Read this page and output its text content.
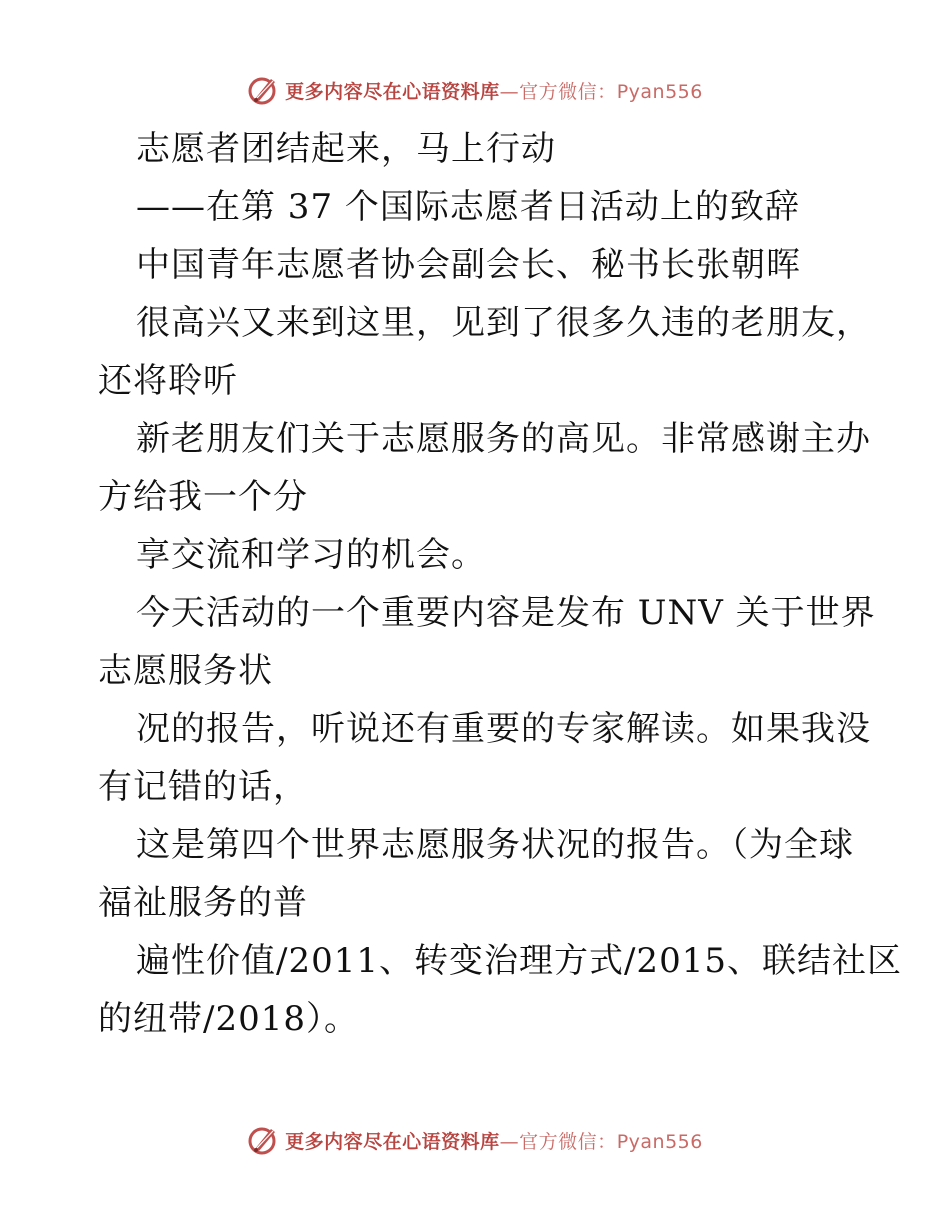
更多内容尽在心语资料库—官方微信：Pyan556
志愿者团结起来，马上行动
——在第 37 个国际志愿者日活动上的致辞
中国青年志愿者协会副会长、秘书长张朝晖
很高兴又来到这里，见到了很多久违的老朋友，
还将聆听
新老朋友们关于志愿服务的高见。非常感谢主办
方给我一个分
享交流和学习的机会。
今天活动的一个重要内容是发布 UNV 关于世界
志愿服务状
况的报告，听说还有重要的专家解读。如果我没
有记错的话，
这是第四个世界志愿服务状况的报告。（为全球
福祉服务的普
遍性价值/2011、转变治理方式/2015、联结社区
的纽带/2018）。
更多内容尽在心语资料库—官方微信：Pyan556
